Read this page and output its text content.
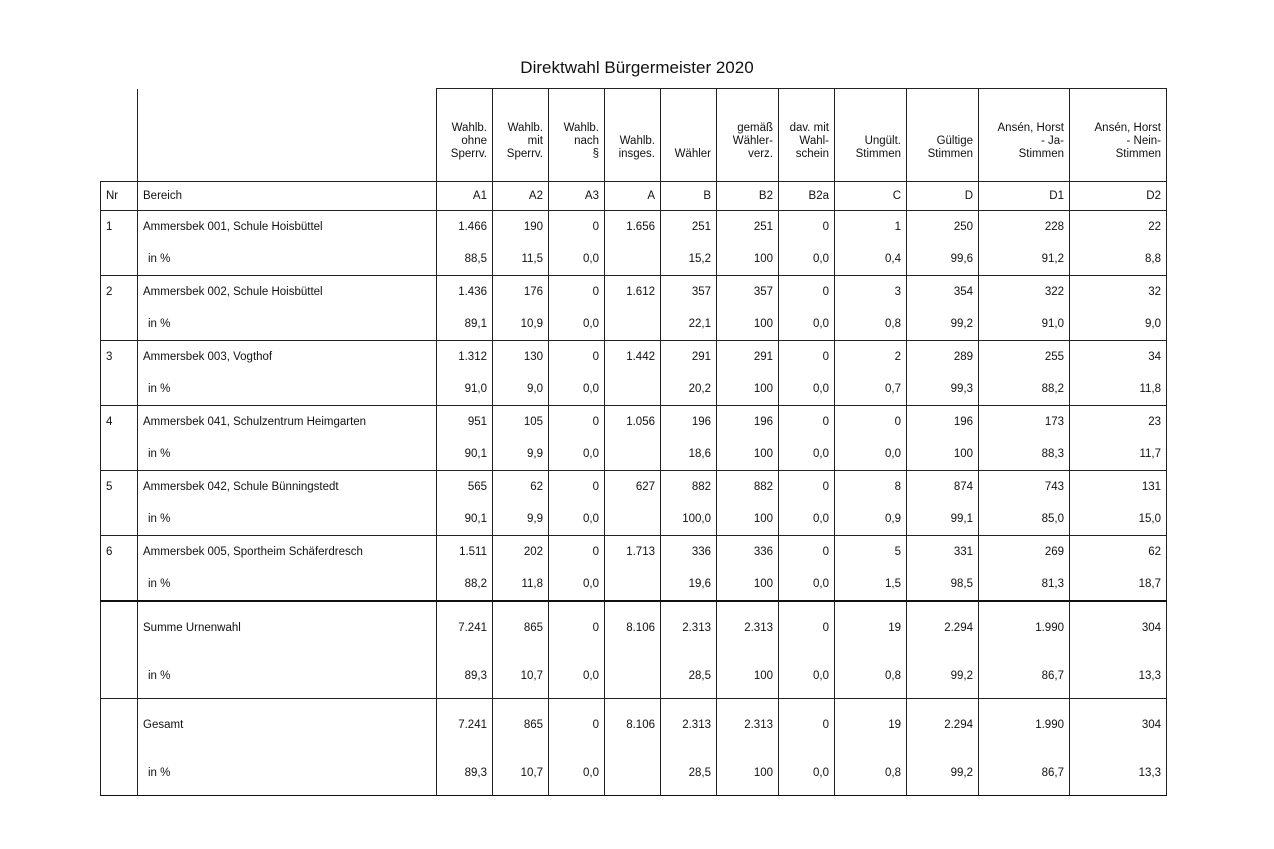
Direktwahl Bürgermeister 2020
		Wahlb.
ohne
Sperrv.	Wahlb.
mit
Sperrv.	Wahlb.
nach
§	Wahlb.
insges.	Wähler	gemäß
Wähler-
verz.	dav. mit
Wahl-
schein	Ungült.
Stimmen	Gültige
Stimmen	Ansén, Horst
- Ja-
Stimmen	Ansén, Horst
- Nein-
Stimmen
Nr	Bereich	A1	A2	A3	A	B	B2	B2a	C	D	D1	D2
1	Ammersbek 001, Schule Hoisbüttel	1.466	190	0	1.656	251	251	0	1	250	228	22
	in %	88,5	11,5	0,0		15,2	100	0,0	0,4	99,6	91,2	8,8
2	Ammersbek 002, Schule Hoisbüttel	1.436	176	0	1.612	357	357	0	3	354	322	32
	in %	89,1	10,9	0,0		22,1	100	0,0	0,8	99,2	91,0	9,0
3	Ammersbek 003, Vogthof	1.312	130	0	1.442	291	291	0	2	289	255	34
	in %	91,0	9,0	0,0		20,2	100	0,0	0,7	99,3	88,2	11,8
4	Ammersbek 041, Schulzentrum Heimgarten	951	105	0	1.056	196	196	0	0	196	173	23
	in %	90,1	9,9	0,0		18,6	100	0,0	0,0	100	88,3	11,7
5	Ammersbek 042, Schule Bünningstedt	565	62	0	627	882	882	0	8	874	743	131
	in %	90,1	9,9	0,0		100,0	100	0,0	0,9	99,1	85,0	15,0
6	Ammersbek 005, Sportheim Schäferdresch	1.511	202	0	1.713	336	336	0	5	331	269	62
	in %	88,2	11,8	0,0		19,6	100	0,0	1,5	98,5	81,3	18,7
	Summe Urnenwahl	7.241	865	0	8.106	2.313	2.313	0	19	2.294	1.990	304
	in %	89,3	10,7	0,0		28,5	100	0,0	0,8	99,2	86,7	13,3
	Gesamt	7.241	865	0	8.106	2.313	2.313	0	19	2.294	1.990	304
	in %	89,3	10,7	0,0		28,5	100	0,0	0,8	99,2	86,7	13,3
